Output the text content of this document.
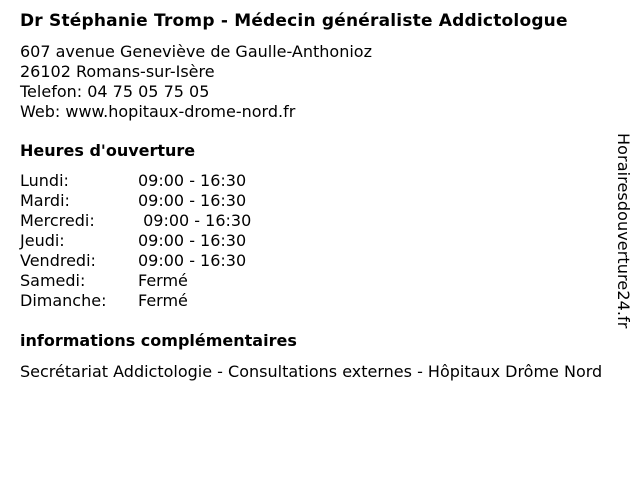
Dr Stéphanie Tromp - Médecin généraliste Addictologue
607 avenue Geneviève de Gaulle-Anthonioz
26102 Romans-sur-Isère
Telefon: 04 75 05 75 05
Web: www.hopitaux-drome-nord.fr
Heures d'ouverture
Lundi:	09:00 - 16:30
Mardi:	09:00 - 16:30
Mercredi:	09:00 - 16:30
Jeudi:	09:00 - 16:30
Vendredi:	09:00 - 16:30
Samedi:	Fermé
Dimanche:	Fermé
informations complémentaires
Secrétariat Addictologie - Consultations externes - Hôpitaux Drôme Nord
Horairesdouverture24.fr
